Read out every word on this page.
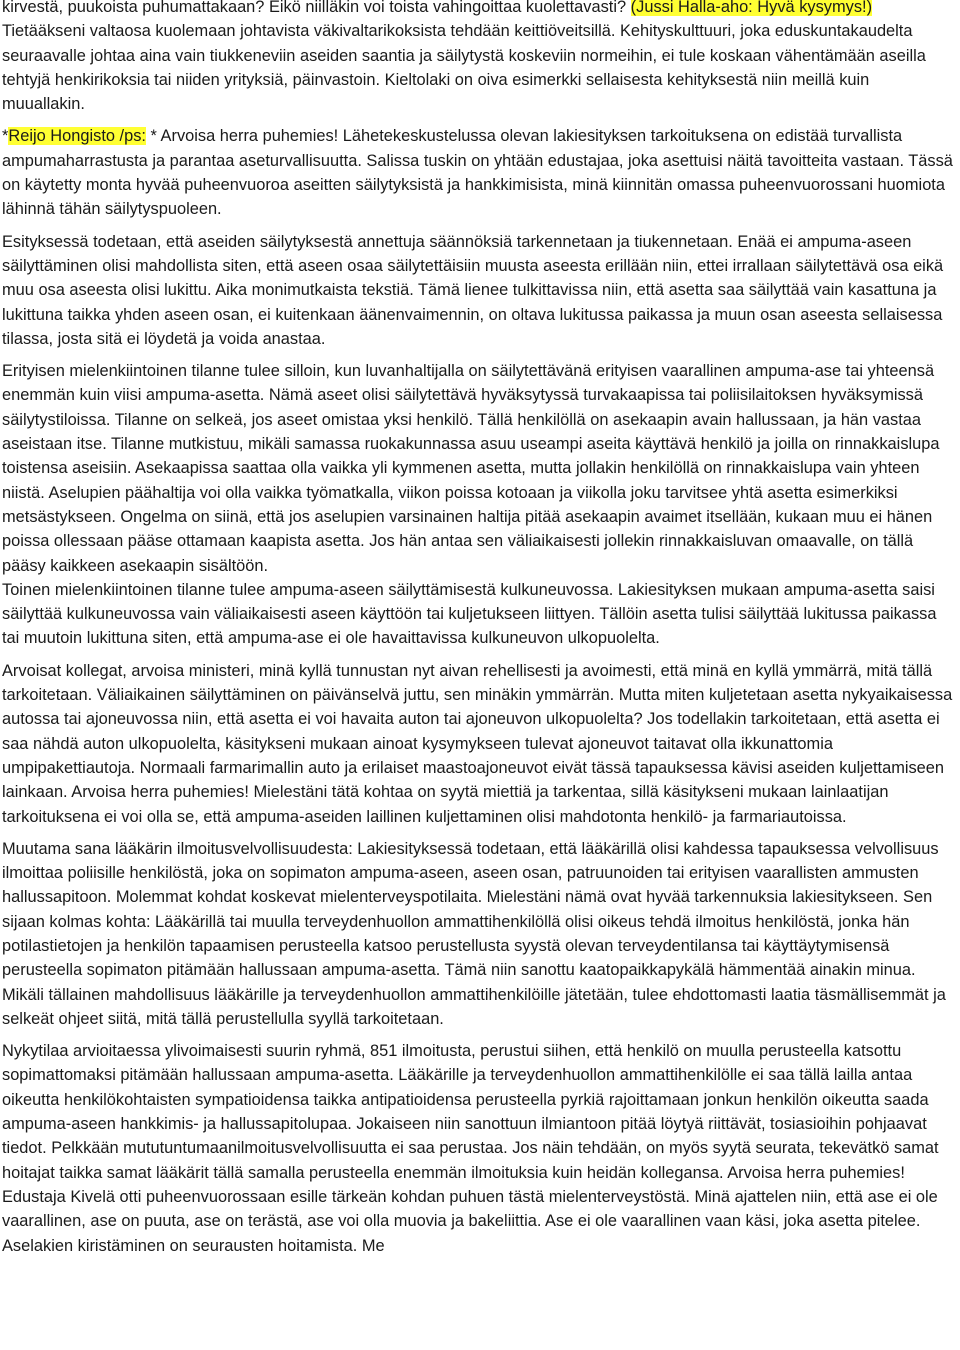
kirvestä, puukoista puhumattakaan? Eikö niilläkin voi toista vahingoittaa kuolettavasti? (Jussi Halla-aho: Hyvä kysymys!) Tietääkseni valtaosa kuolemaan johtavista väkivaltarikoksista tehdään keittiöveitsillä. Kehityskulttuuri, joka eduskuntakaudelta seuraavalle johtaa aina vain tiukkeneviin aseiden saantia ja säilytystä koskeviin normeihin, ei tule koskaan vähentämään aseilla tehtyjä henkirikoksia tai niiden yrityksiä, päinvastoin. Kieltolaki on oiva esimerkki sellaisesta kehityksestä niin meillä kuin muuallakin.

*Reijo Hongisto /ps: * Arvoisa herra puhemies! Lähetekeskustelussa olevan lakiesityksen tarkoituksena on edistää turvallista ampumaharrastusta ja parantaa aseturvallisuutta. Salissa tuskin on yhtään edustajaa, joka asettuisi näitä tavoitteita vastaan. Tässä on käytetty monta hyvää puheenvuoroa aseitten säilytyksistä ja hankkimisista, minä kiinnitän omassa puheenvuorossani huomiota lähinnä tähän säilytyspuoleen.

Esityksessä todetaan, että aseiden säilytyksestä annettuja säännöksiä tarkennetaan ja tiukennetaan. Enää ei ampuma-aseen säilyttäminen olisi mahdollista siten, että aseen osaa säilytettäisiin muusta aseesta erillään niin, ettei irrallaan säilytettävä osa eikä muu osa aseesta olisi lukittu. Aika monimutkaista tekstiä. Tämä lienee tulkittavissa niin, että asetta saa säilyttää vain kasattuna ja lukittuna taikka yhden aseen osan, ei kuitenkaan äänenvaimennin, on oltava lukitussa paikassa ja muun osan aseesta sellaisessa tilassa, josta sitä ei löydetä ja voida anastaa.

Erityisen mielenkiintoinen tilanne tulee silloin, kun luvanhaltijalla on säilytettävänä erityisen vaarallinen ampuma-ase tai yhteensä enemmän kuin viisi ampuma-asetta. Nämä aseet olisi säilytettävä hyväksytyssä turvakaapissa tai poliisilaitoksen hyväksymissä säilytystiloissa. Tilanne on selkeä, jos aseet omistaa yksi henkilö. Tällä henkilöllä on asekaapin avain hallussaan, ja hän vastaa aseistaan itse. Tilanne mutkistuu, mikäli samassa ruokakunnassa asuu useampi aseita käyttävä henkilö ja joilla on rinnakkaislupa toistensa aseisiin. Asekaapissa saattaa olla vaikka yli kymmenen asetta, mutta jollakin henkilöllä on rinnakkaislupa vain yhteen niistä. Aselupien päähaltija voi olla vaikka työmatkalla, viikon poissa kotoaan ja viikolla joku tarvitsee yhtä asetta esimerkiksi metsästykseen. Ongelma on siinä, että jos aselupien varsinainen haltija pitää asekaapin avaimet itsellään, kukaan muu ei hänen poissa ollessaan pääse ottamaan kaapista asetta. Jos hän antaa sen väliaikaisesti jollekin rinnakkaisluvan omaavalle, on tällä pääsy kaikkeen asekaapin sisältöön.

Toinen mielenkiintoinen tilanne tulee ampuma-aseen säilyttämisestä kulkuneuvossa. Lakiesityksen mukaan ampuma-asetta saisi säilyttää kulkuneuvossa vain väliaikaisesti aseen käyttöön tai kuljetukseen liittyen. Tällöin asetta tulisi säilyttää lukitussa paikassa tai muutoin lukittuna siten, että ampuma-ase ei ole havaittavissa kulkuneuvon ulkopuolelta.

Arvoisat kollegat, arvoisa ministeri, minä kyllä tunnustan nyt aivan rehellisesti ja avoimesti, että minä en kyllä ymmärrä, mitä tällä tarkoitetaan. Väliaikainen säilyttäminen on päivänselvä juttu, sen minäkin ymmärrän. Mutta miten kuljetetaan asetta nykyaikaisessa autossa tai ajoneuvossa niin, että asetta ei voi havaita auton tai ajoneuvon ulkopuolelta? Jos todellakin tarkoitetaan, että asetta ei saa nähdä auton ulkopuolelta, käsitykseni mukaan ainoat kysymykseen tulevat ajoneuvot taitavat olla ikkunattomia umpipakettiautoja. Normaali farmarimallin auto ja erilaiset maastoajoneuvot eivät tässä tapauksessa kävisi aseiden kuljettamiseen lainkaan. Arvoisa herra puhemies! Mielestäni tätä kohtaa on syytä miettiä ja tarkentaa, sillä käsitykseni mukaan lainlaatijan tarkoituksena ei voi olla se, että ampuma-aseiden laillinen kuljettaminen olisi mahdotonta henkilö- ja farmariautoissa.

Muutama sana lääkärin ilmoitusvelvollisuudesta: Lakiesityksessä todetaan, että lääkärillä olisi kahdessa tapauksessa velvollisuus ilmoittaa poliisille henkilöstä, joka on sopimaton ampuma-aseen, aseen osan, patruunoiden tai erityisen vaarallisten ammusten hallussapitoon. Molemmat kohdat koskevat mielenterveyspotilaita. Mielestäni nämä ovat hyvää tarkennuksia lakiesitykseen. Sen sijaan kolmas kohta: Lääkärillä tai muulla terveydenhuollon ammattihenkilöllä olisi oikeus tehdä ilmoitus henkilöstä, jonka hän potilastietojen ja henkilön tapaamisen perusteella katsoo perustellusta syystä olevan terveydentilansa tai käyttäytymisensä perusteella sopimaton pitämään hallussaan ampuma-asetta. Tämä niin sanottu kaatopaikkapykälä hämmentää ainakin minua. Mikäli tällainen mahdollisuus lääkärille ja terveydenhuollon ammattihenkilöille jätetään, tulee ehdottomasti laatia täsmällisemmät ja selkeät ohjeet siitä, mitä tällä perustellulla syyllä tarkoitetaan.

Nykytilaa arvioitaessa ylivoimaisesti suurin ryhmä, 851 ilmoitusta, perustui siihen, että henkilö on muulla perusteella katsottu sopimattomaksi pitämään hallussaan ampuma-asetta. Lääkärille ja terveydenhuollon ammattihenkilölle ei saa tällä lailla antaa oikeutta henkilökohtaisten sympatioidensa taikka antipatioidensa perusteella pyrkiä rajoittamaan jonkun henkilön oikeutta saada ampuma-aseen hankkimis- ja hallussapitolupaa. Jokaiseen niin sanottuun ilmiantoon pitää löytyä riittävät, tosiasioihin pohjaavat tiedot. Pelkkään mututuntumaanilmoitusvelvollisuutta ei saa perustaa. Jos näin tehdään, on myös syytä seurata, tekevätkö samat hoitajat taikka samat lääkärit tällä samalla perusteella enemmän ilmoituksia kuin heidän kollegansa. Arvoisa herra puhemies! Edustaja Kivelä otti puheenvuorossaan esille tärkeän kohdan puhuen tästä mielenterveystöstä. Minä ajattelen niin, että ase ei ole vaarallinen, ase on puuta, ase on terästä, ase voi olla muovia ja bakeliittia. Ase ei ole vaarallinen vaan käsi, joka asetta pitelee. Aselakien kiristäminen on seurausten hoitamista. Me
